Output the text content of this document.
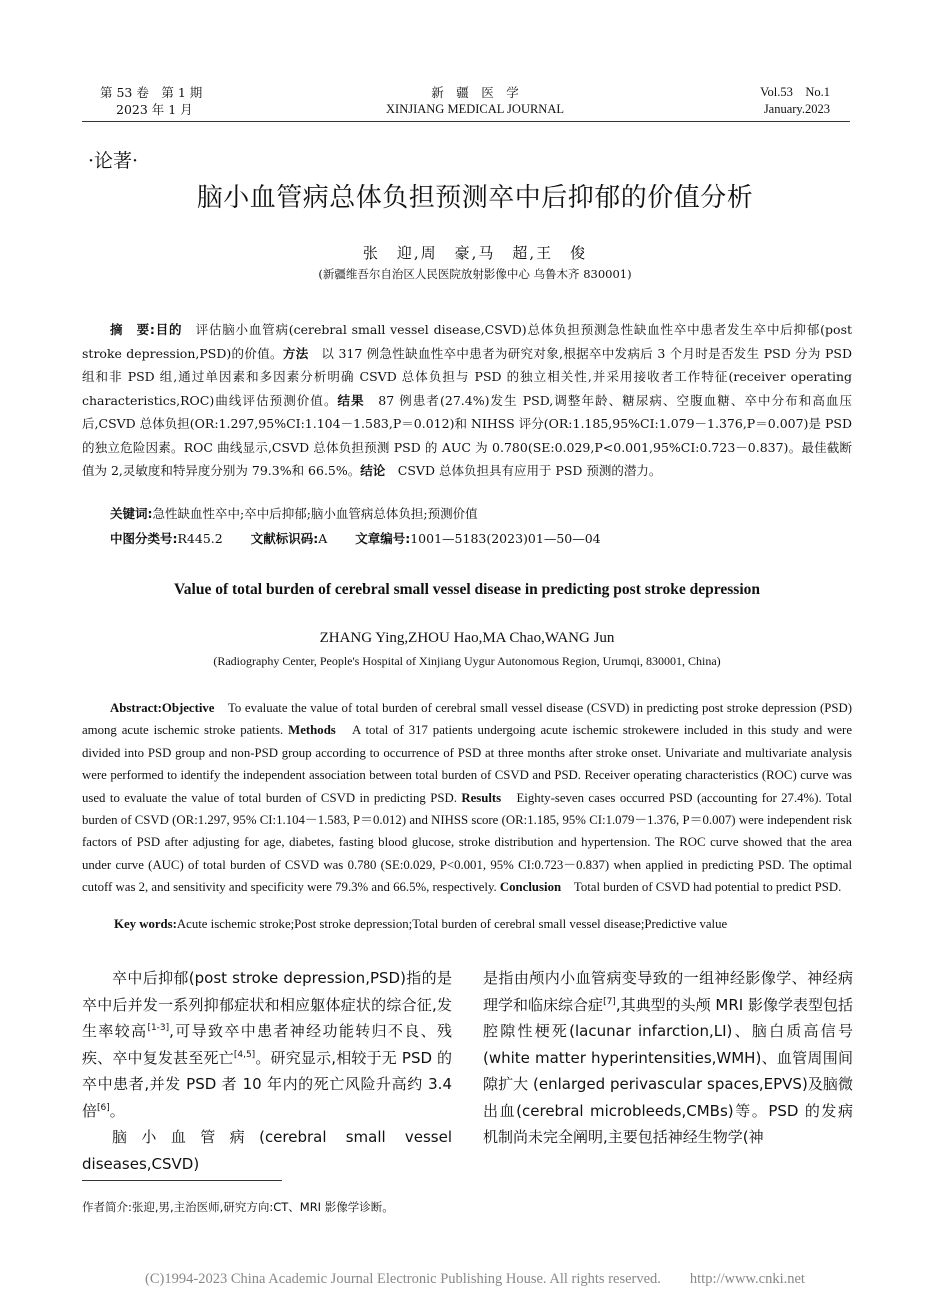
第 53 卷　第 1 期
2023 年 1 月
新　疆　医　学
XINJIANG MEDICAL JOURNAL
Vol.53　No.1
January.2023
·论著·
脑小血管病总体负担预测卒中后抑郁的价值分析
张　迎,周　豪,马　超,王　俊
(新疆维吾尔自治区人民医院放射影像中心 乌鲁木齐 830001)

摘　要:目的　评估脑小血管病(cerebral small vessel disease,CSVD)总体负担预测急性缺血性卒中患者发生卒中后抑郁(post stroke depression,PSD)的价值。方法　以 317 例急性缺血性卒中患者为研究对象,根据卒中发病后 3 个月时是否发生 PSD 分为 PSD 组和非 PSD 组,通过单因素和多因素分析明确 CSVD 总体负担与 PSD 的独立相关性,并采用接收者工作特征(receiver operating characteristics,ROC)曲线评估预测价值。结果　87 例患者(27.4%)发生 PSD,调整年龄、糖尿病、空腹血糖、卒中分布和高血压后,CSVD 总体负担(OR:1.297,95%CI:1.104－1.583,P＝0.012)和 NIHSS 评分(OR:1.185,95%CI:1.079－1.376,P＝0.007)是 PSD 的独立危险因素。ROC 曲线显示,CSVD 总体负担预测 PSD 的 AUC 为 0.780(SE:0.029,P<0.001,95%CI:0.723－0.837)。最佳截断值为 2,灵敏度和特异度分别为 79.3%和 66.5%。结论　CSVD 总体负担具有应用于 PSD 预测的潜力。

关键词:急性缺血性卒中;卒中后抑郁;脑小血管病总体负担;预测价值
中图分类号:R445.2 文献标识码:A 文章编号:1001—5183(2023)01—50—04
Value of total burden of cerebral small vessel disease in predicting post stroke depression
ZHANG Ying,ZHOU Hao,MA Chao,WANG Jun
(Radiography Center, People's Hospital of Xinjiang Uygur Autonomous Region, Urumqi, 830001, China)

Abstract:Objective　To evaluate the value of total burden of cerebral small vessel disease (CSVD) in predicting post stroke depression (PSD) among acute ischemic stroke patients. Methods　A total of 317 patients undergoing acute ischemic strokewere included in this study and were divided into PSD group and non-PSD group according to occurrence of PSD at three months after stroke onset. Univariate and multivariate analysis were performed to identify the independent association between total burden of CSVD and PSD. Receiver operating characteristics (ROC) curve was used to evaluate the value of total burden of CSVD in predicting PSD. Results　Eighty-seven cases occurred PSD (accounting for 27.4%). Total burden of CSVD (OR:1.297, 95% CI:1.104－1.583, P＝0.012) and NIHSS score (OR:1.185, 95% CI:1.079－1.376, P＝0.007) were independent risk factors of PSD after adjusting for age, diabetes, fasting blood glucose, stroke distribution and hypertension. The ROC curve showed that the area under curve (AUC) of total burden of CSVD was 0.780 (SE:0.029, P<0.001, 95% CI:0.723－0.837) when applied in predicting PSD. The optimal cutoff was 2, and sensitivity and specificity were 79.3% and 66.5%, respectively. Conclusion　Total burden of CSVD had potential to predict PSD.

Key words:Acute ischemic stroke;Post stroke depression;Total burden of cerebral small vessel disease;Predictive value

卒中后抑郁(post stroke depression,PSD)指的是卒中后并发一系列抑郁症状和相应躯体症状的综合征,发生率较高[1-3],可导致卒中患者神经功能转归不良、残疾、卒中复发甚至死亡[4,5]。研究显示,相较于无 PSD 的卒中患者,并发 PSD 者 10 年内的死亡风险升高约 3.4 倍[6]。

脑小血管病(cerebral small vessel diseases,CSVD)

是指由颅内小血管病变导致的一组神经影像学、神经病理学和临床综合症[7],其典型的头颅 MRI 影像学表型包括腔隙性梗死(lacunar infarction,LI)、脑白质高信号(white matter hyperintensities,WMH)、血管周围间隙扩大 (enlarged perivascular spaces,EPVS)及脑微出血(cerebral microbleeds,CMBs)等。PSD 的发病机制尚未完全阐明,主要包括神经生物学(神

作者简介:张迎,男,主治医师,研究方向:CT、MRI 影像学诊断。
(C)1994-2023 China Academic Journal Electronic Publishing House. All rights reserved.　　http://www.cnki.net
